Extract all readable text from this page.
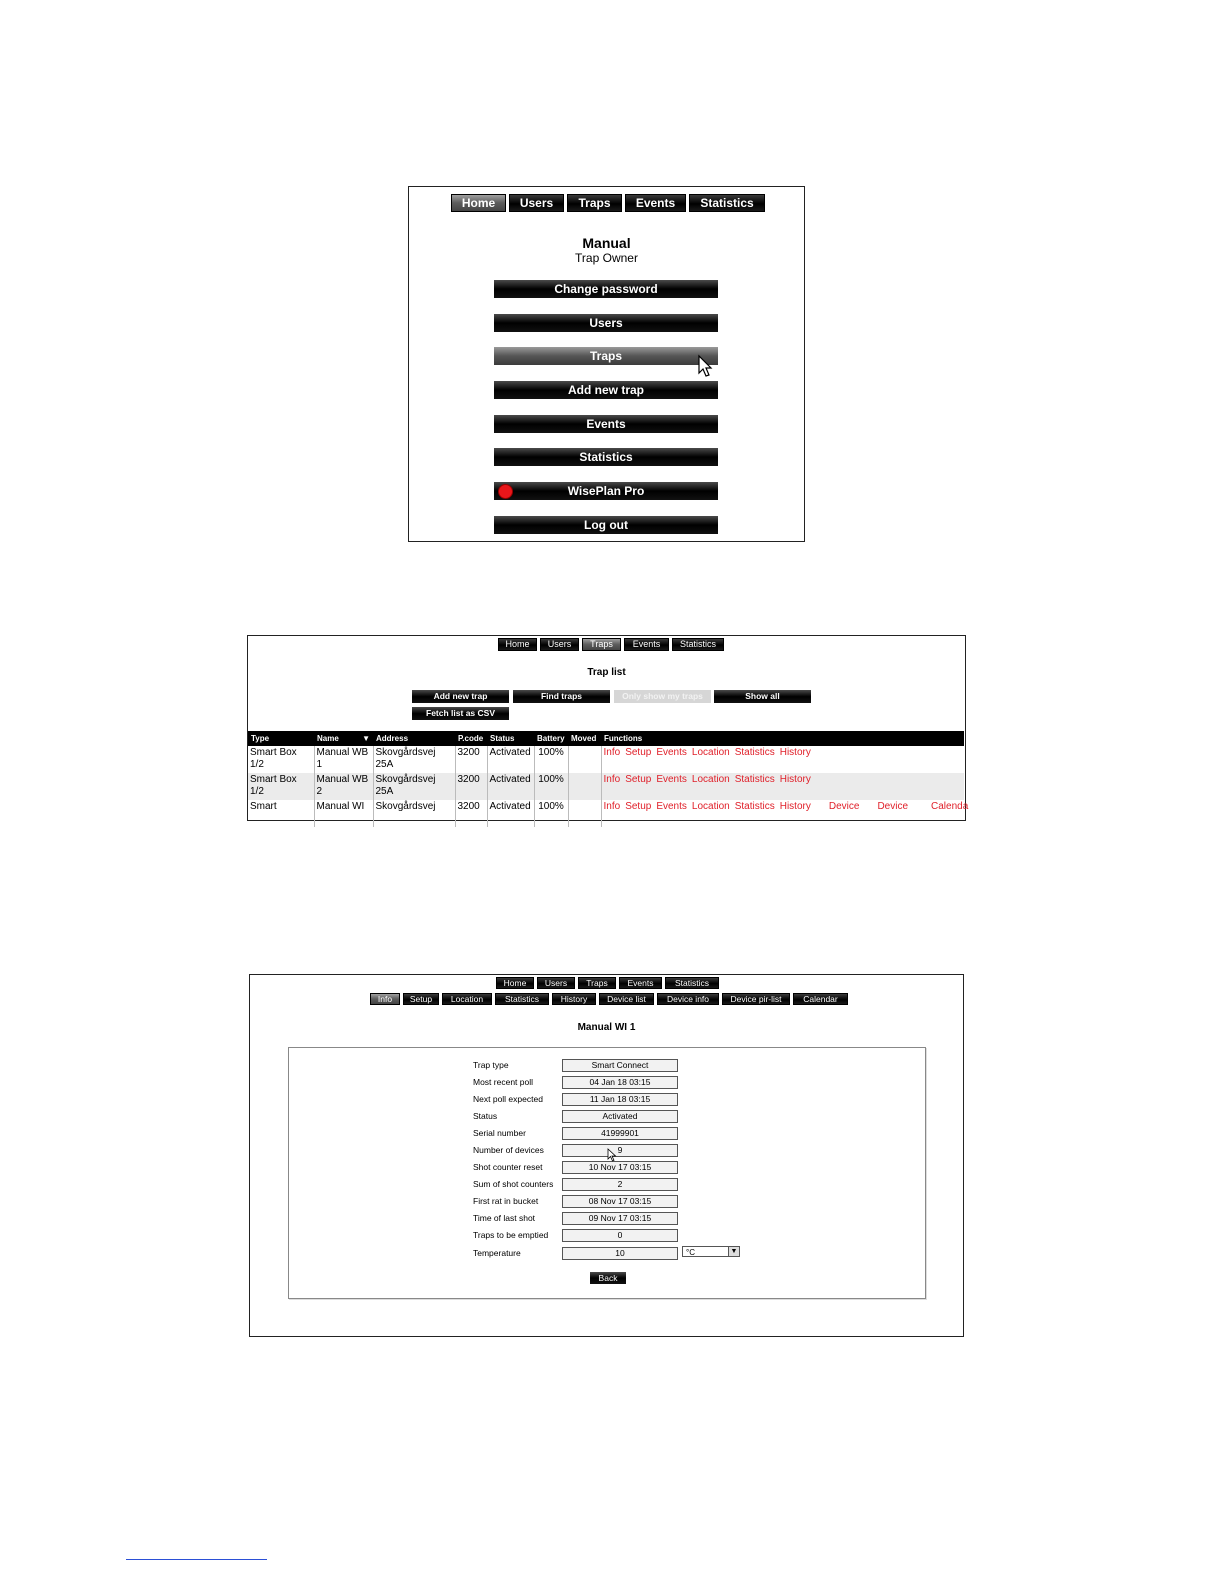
Home	Users	Traps	Events	Statistics
Manual
Trap Owner
Change password
Users
Traps
Add new trap
Events
Statistics
WisePlan Pro
Log out
Home	Users	Traps	Events	Statistics
Trap list
Add new trap	Find traps	Only show my traps	Show all
Fetch list as CSV
Type	Name ▼	Address	P.code	Status	Battery	Moved	Functions
Smart Box 1/2	Manual WB 1	Skovgårdsvej 25A	3200	Activated	100%		Info Setup Events Location Statistics History
Smart Box 1/2	Manual WB 2	Skovgårdsvej 25A	3200	Activated	100%		Info Setup Events Location Statistics History
Smart	Manual WI	Skovgårdsvej	3200	Activated	100%		Info Setup Events Location Statistics History Device Device Calenda
Home	Users	Traps	Events	Statistics
Info	Setup	Location	Statistics	History	Device list	Device info	Device pir-list	Calendar
Manual WI 1
Trap type	Smart Connect
Most recent poll	04 Jan 18 03:15
Next poll expected	11 Jan 18 03:15
Status	Activated
Serial number	41999901
Number of devices	9
Shot counter reset	10 Nov 17 03:15
Sum of shot counters	2
First rat in bucket	08 Nov 17 03:15
Time of last shot	09 Nov 17 03:15
Traps to be emptied	0
Temperature	10	°C	▼
Back
